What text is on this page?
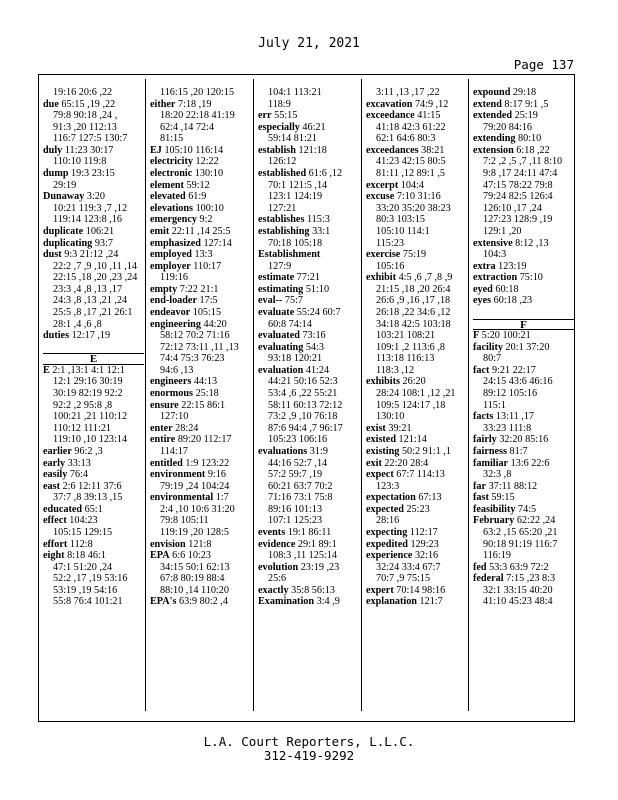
July 21, 2021
Page 137
19:16 20:6 ,22
due 65:15 ,19 ,22
79:8 90:18 ,24 ,
91:3 ,20 112:13
116:7 127:5 130:7
duly 11:23 30:17
110:10 119:8
dump 19:3 23:15
29:19
Dunaway 3:20
10:21 119:3 ,7 ,12
119:14 123:8 ,16
duplicate 106:21
duplicating 93:7
dust 9:3 21:12 ,24
22:2 ,7 ,9 ,10 ,11 ,14
22:15 ,18 ,20 ,23 ,24
23:3 ,4 ,8 ,13 ,17
24:3 ,8 ,13 ,21 ,24
25:5 ,8 ,17 ,21 26:1
28:1 ,4 ,6 ,8
duties 12:17 ,19

E
E 2:1 ,13:1 4:1 12:1
12:1 29:16 30:19
30:19 82:19 92:2
92:2 ,2 95:8 ,8
100:21 ,21 110:12
110:12 111:21
119:10 ,10 123:14
earlier 96:2 ,3
early 33:13
easily 76:4
east 2:6 12:11 37:6
37:7 ,8 39:13 ,15
educated 65:1
effect 104:23
105:15 129:15
effort 112:8
eight 8:18 46:1
47:1 51:20 ,24
52:2 ,17 ,19 53:16
53:19 ,19 54:16
55:8 76:4 101:21
116:15 ,20 120:15
either 7:18 ,19
18:20 22:18 41:19
62:4 ,14 72:4
81:15
EJ 105:10 116:14
electricity 12:22
electronic 130:10
element 59:12
elevated 61:9
elevations 100:10
emergency 9:2
emit 22:11 ,14 25:5
emphasized 127:14
employed 13:3
employer 110:17
119:16
empty 7:22 21:1
end-loader 17:5
endeavor 105:15
engineering 44:20
58:12 70:2 71:16
72:12 73:11 ,11 ,13
74:4 75:3 76:23
94:6 ,13
engineers 44:13
enormous 25:18
ensure 22:15 86:1
127:10
enter 28:24
entire 89:20 112:17
114:17
entitled 1:9 123:22
environment 9:16
79:19 ,24 104:24
environmental 1:7
2:4 ,10 10:6 31:20
79:8 105:11
119:19 ,20 128:5
envision 121:8
EPA 6:6 10:23
34:15 50:1 62:13
67:8 80:19 88:4
88:10 ,14 110:20
EPA's 63:9 80:2 ,4
104:1 113:21
118:9
err 55:15
especially 46:21
59:14 81:21
establish 121:18
126:12
established 61:6 ,12
70:1 121:5 ,14
123:1 124:19
127:21
establishes 115:3
establishing 33:1
70:18 105:18
Establishment
127:9
estimate 77:21
estimating 51:10
eval-- 75:7
evaluate 55:24 60:7
60:8 74:14
evaluated 73:16
evaluating 54:3
93:18 120:21
evaluation 41:24
44:21 50:16 52:3
53:4 ,6 ,22 55:21
58:11 60:13 72:12
73:2 ,9 ,10 76:18
87:6 94:4 ,7 96:17
105:23 106:16
evaluations 31:9
44:16 52:7 ,14
57:2 59:7 ,19
60:21 63:7 70:2
71:16 73:1 75:8
89:16 101:13
107:1 125:23
events 19:1 86:11
evidence 29:1 89:1
108:3 ,11 125:14
evolution 23:19 ,23
25:6
exactly 35:8 56:13
Examination 3:4 ,9
3:11 ,13 ,17 ,22
excavation 74:9 ,12
exceedance 41:15
41:18 42:3 61:22
62:1 64:6 80:3
exceedances 38:21
41:23 42:15 80:5
81:11 ,12 89:1 ,5
excerpt 104:4
excuse 7:10 31:16
33:20 35:20 38:23
80:3 103:15
105:10 114:1
115:23
exercise 75:19
105:16
exhibit 4:5 ,6 ,7 ,8 ,9
21:15 ,18 ,20 26:4
26:6 ,9 ,16 ,17 ,18
26:18 ,22 34:6 ,12
34:18 42:5 103:18
103:21 108:21
109:1 ,2 113:6 ,8
113:18 116:13
118:3 ,12
exhibits 26:20
28:24 108:1 ,12 ,21
109:5 124:17 ,18
130:10
exist 39:21
existed 121:14
existing 50:2 91:1 ,1
exit 22:20 28:4
expect 67:7 114:13
123:3
expectation 67:13
expected 25:23
28:16
expecting 112:17
expedited 129:23
experience 32:16
32:24 33:4 67:7
70:7 ,9 75:15
expert 70:14 98:16
explanation 121:7
expound 29:18
extend 8:17 9:1 ,5
extended 25:19
79:20 84:16
extending 80:10
extension 6:18 ,22
7:2 ,2 ,5 ,7 ,11 8:10
9:8 ,17 24:11 47:4
47:15 78:22 79:8
79:24 82:5 126:4
126:10 ,17 ,24
127:23 128:9 ,19
129:1 ,20
extensive 8:12 ,13
104:3
extra 123:19
extraction 75:10
eyed 60:18
eyes 60:18 ,23

F
F 5:20 100:21
facility 20:1 37:20
80:7
fact 9:21 22:17
24:15 43:6 46:16
89:12 105:16
115:1
facts 13:11 ,17
33:23 111:8
fairly 32:20 85:16
fairness 81:7
familiar 13:6 22:6
32:3 ,8
far 37:11 88:12
fast 59:15
feasibility 74:5
February 62:22 ,24
63:2 ,15 65:20 ,21
90:18 91:19 116:7
116:19
fed 53:3 63:9 72:2
federal 7:15 ,23 8:3
32:1 33:15 40:20
41:10 45:23 48:4
L.A. Court Reporters, L.L.C.
312-419-9292
